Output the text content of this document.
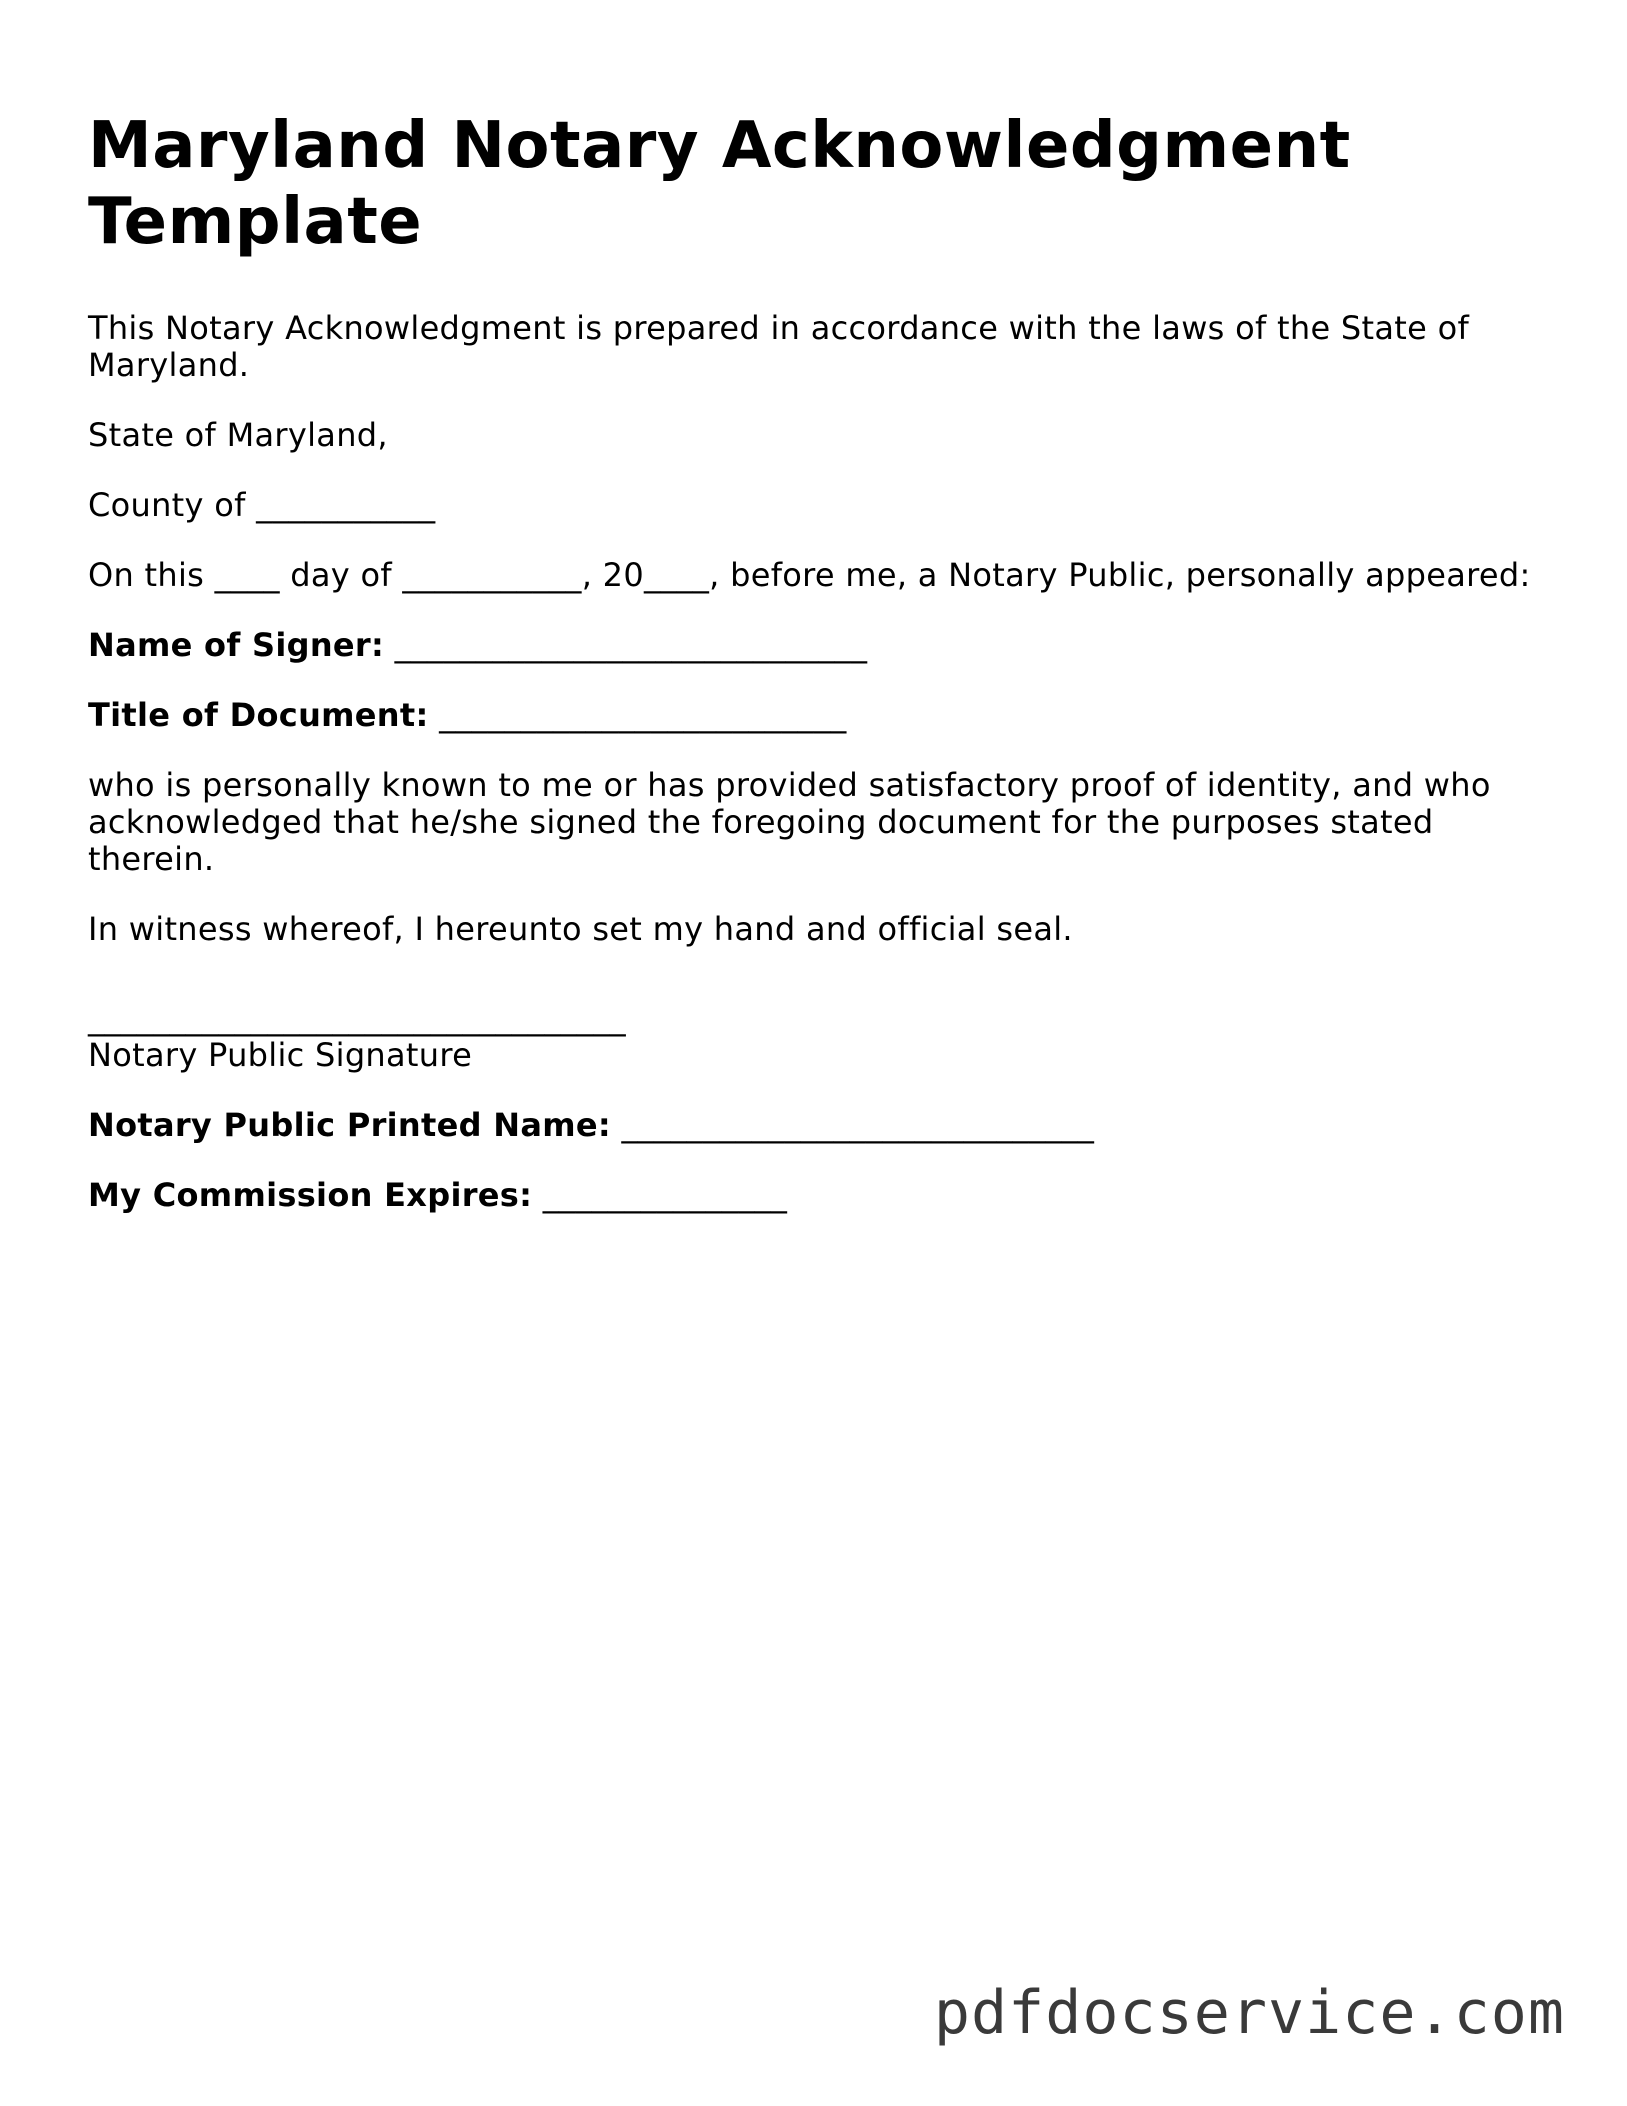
Maryland Notary Acknowledgment Template

This Notary Acknowledgment is prepared in accordance with the laws of the State of Maryland.

State of Maryland,

County of ___________

On this ____ day of ___________, 20____, before me, a Notary Public, personally appeared:

Name of Signer: _____________________________

Title of Document: _________________________

who is personally known to me or has provided satisfactory proof of identity, and who acknowledged that he/she signed the foregoing document for the purposes stated therein.

In witness whereof, I hereunto set my hand and official seal.

_________________________________
Notary Public Signature

Notary Public Printed Name: _____________________________

My Commission Expires: _______________

pdfdocservice.com
